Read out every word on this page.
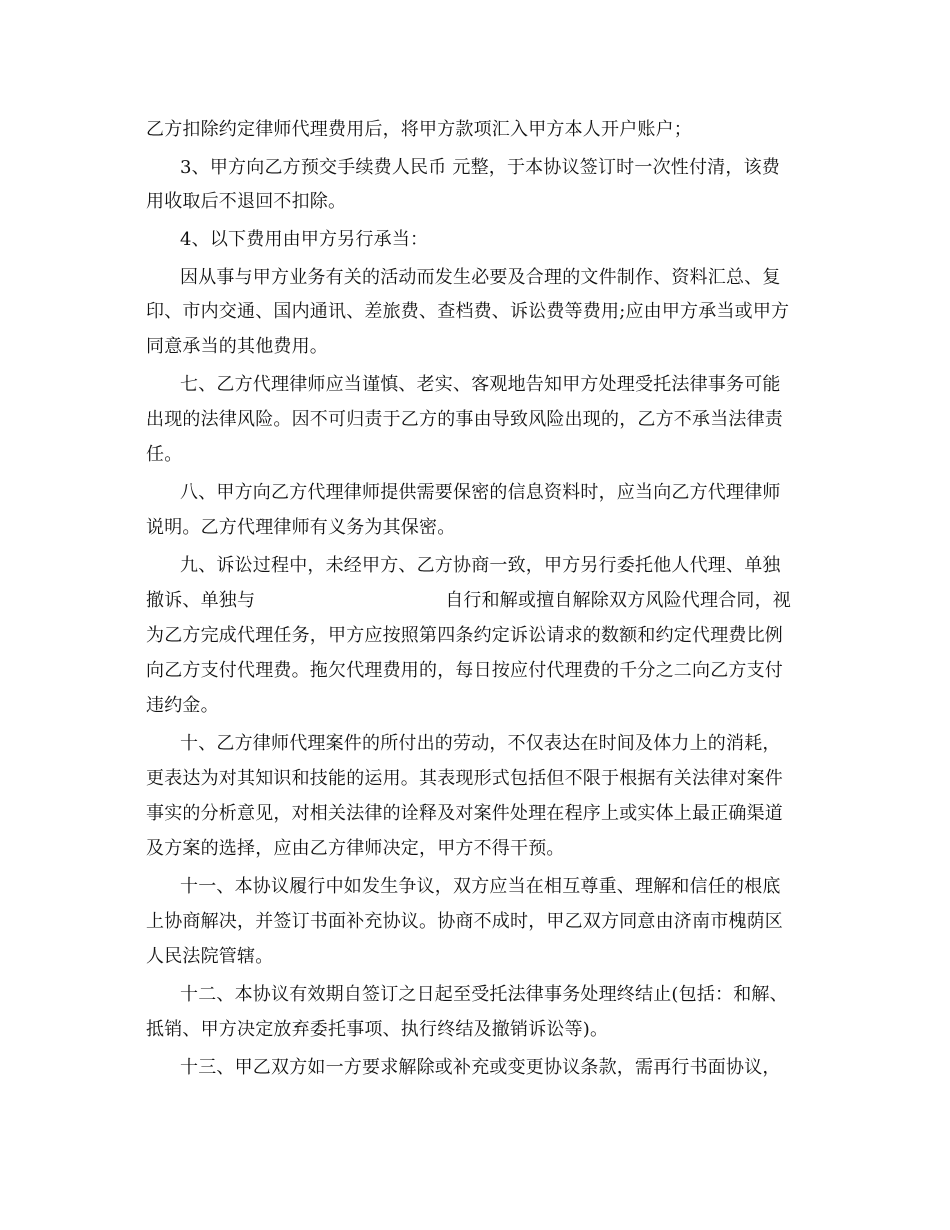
乙方扣除约定律师代理费用后，将甲方款项汇入甲方本人开户账户；
3、甲方向乙方预交手续费人民币 元整，于本协议签订时一次性付清，该费
用收取后不退回不扣除。
4、以下费用由甲方另行承当：
因从事与甲方业务有关的活动而发生必要及合理的文件制作、资料汇总、复
印、市内交通、国内通讯、差旅费、查档费、诉讼费等费用;应由甲方承当或甲方
同意承当的其他费用。
七、乙方代理律师应当谨慎、老实、客观地告知甲方处理受托法律事务可能
出现的法律风险。因不可归责于乙方的事由导致风险出现的，乙方不承当法律责
任。
八、甲方向乙方代理律师提供需要保密的信息资料时，应当向乙方代理律师
说明。乙方代理律师有义务为其保密。
九、诉讼过程中，未经甲方、乙方协商一致，甲方另行委托他人代理、单独
撤诉、单独与	自行和解或擅自解除双方风险代理合同，视
为乙方完成代理任务，甲方应按照第四条约定诉讼请求的数额和约定代理费比例
向乙方支付代理费。拖欠代理费用的，每日按应付代理费的千分之二向乙方支付
违约金。
十、乙方律师代理案件的所付出的劳动，不仅表达在时间及体力上的消耗，
更表达为对其知识和技能的运用。其表现形式包括但不限于根据有关法律对案件
事实的分析意见，对相关法律的诠释及对案件处理在程序上或实体上最正确渠道
及方案的选择，应由乙方律师决定，甲方不得干预。
十一、本协议履行中如发生争议，双方应当在相互尊重、理解和信任的根底
上协商解决，并签订书面补充协议。协商不成时，甲乙双方同意由济南市槐荫区
人民法院管辖。
十二、本协议有效期自签订之日起至受托法律事务处理终结止(包括：和解、
抵销、甲方决定放弃委托事项、执行终结及撤销诉讼等)。
十三、甲乙双方如一方要求解除或补充或变更协议条款，需再行书面协议，
